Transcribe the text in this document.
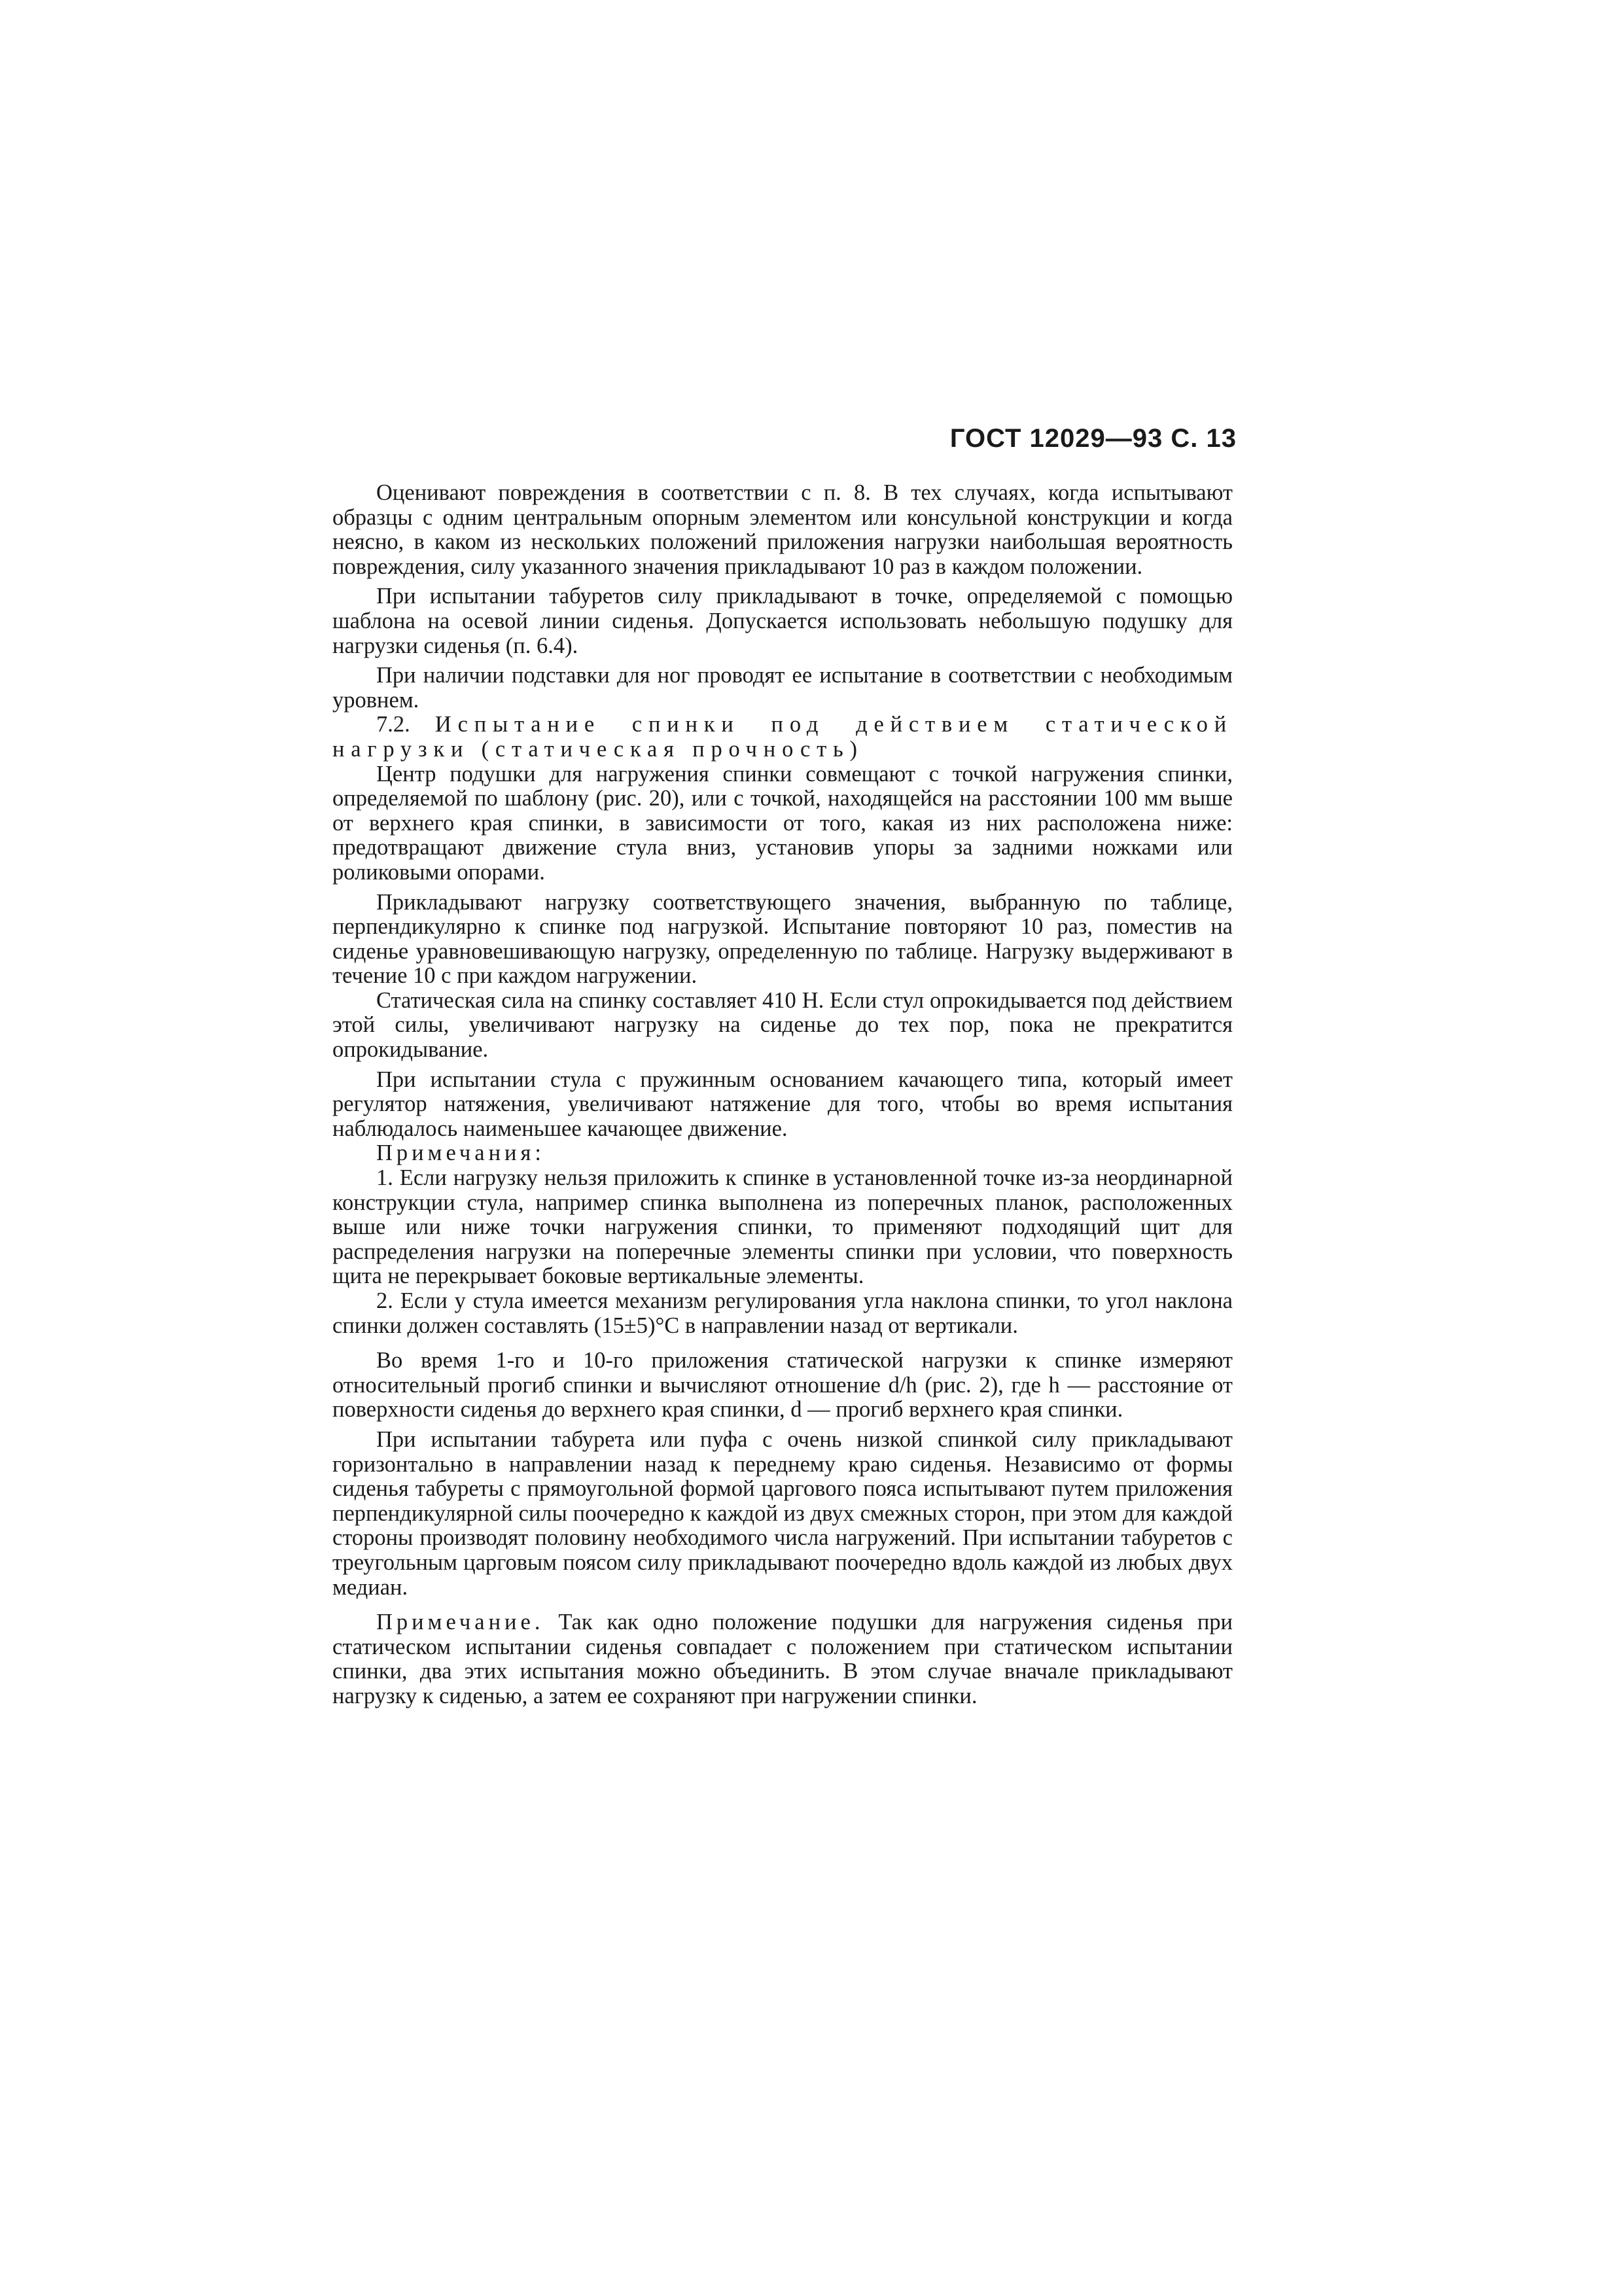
ГОСТ 12029—93 С. 13

Оценивают повреждения в соответствии с п. 8. В тех случаях, когда испытывают образцы с одним центральным опорным элементом или консульной конструкции и когда неясно, в каком из нескольких положений приложения нагрузки наибольшая вероятность повреждения, силу указанного значения прикладывают 10 раз в каждом положении.

При испытании табуретов силу прикладывают в точке, определяемой с помощью шаблона на осевой линии сиденья. Допускается использовать небольшую подушку для нагрузки сиденья (п. 6.4).

При наличии подставки для ног проводят ее испытание в соответствии с необходимым уровнем.

7.2. Испытание спинки под действием статической нагрузки (статическая прочность)

Центр подушки для нагружения спинки совмещают с точкой нагружения спинки, определяемой по шаблону (рис. 20), или с точкой, находящейся на расстоянии 100 мм выше от верхнего края спинки, в зависимости от того, какая из них расположена ниже: предотвращают движение стула вниз, установив упоры за задними ножками или роликовыми опорами.

Прикладывают нагрузку соответствующего значения, выбранную по таблице, перпендикулярно к спинке под нагрузкой. Испытание повторяют 10 раз, поместив на сиденье уравновешивающую нагрузку, определенную по таблице. Нагрузку выдерживают в течение 10 с при каждом нагружении.

Статическая сила на спинку составляет 410 Н. Если стул опрокидывается под действием этой силы, увеличивают нагрузку на сиденье до тех пор, пока не прекратится опрокидывание.

При испытании стула с пружинным основанием качающего типа, который имеет регулятор натяжения, увеличивают натяжение для того, чтобы во время испытания наблюдалось наименьшее качающее движение.

Примечания:

1. Если нагрузку нельзя приложить к спинке в установленной точке из-за неординарной конструкции стула, например спинка выполнена из поперечных планок, расположенных выше или ниже точки нагружения спинки, то применяют подходящий щит для распределения нагрузки на поперечные элементы спинки при условии, что поверхность щита не перекрывает боковые вертикальные элементы.

2. Если у стула имеется механизм регулирования угла наклона спинки, то угол наклона спинки должен составлять (15±5)°С в направлении назад от вертикали.

Во время 1-го и 10-го приложения статической нагрузки к спинке измеряют относительный прогиб спинки и вычисляют отношение d/h (рис. 2), где h — расстояние от поверхности сиденья до верхнего края спинки, d — прогиб верхнего края спинки.

При испытании табурета или пуфа с очень низкой спинкой силу прикладывают горизонтально в направлении назад к переднему краю сиденья. Независимо от формы сиденья табуреты с прямоугольной формой царгового пояса испытывают путем приложения перпендикулярной силы поочередно к каждой из двух смежных сторон, при этом для каждой стороны производят половину необходимого числа нагружений. При испытании табуретов с треугольным царговым поясом силу прикладывают поочередно вдоль каждой из любых двух медиан.

Примечание. Так как одно положение подушки для нагружения сиденья при статическом испытании сиденья совпадает с положением при статическом испытании спинки, два этих испытания можно объединить. В этом случае вначале прикладывают нагрузку к сиденью, а затем ее сохраняют при нагружении спинки.
